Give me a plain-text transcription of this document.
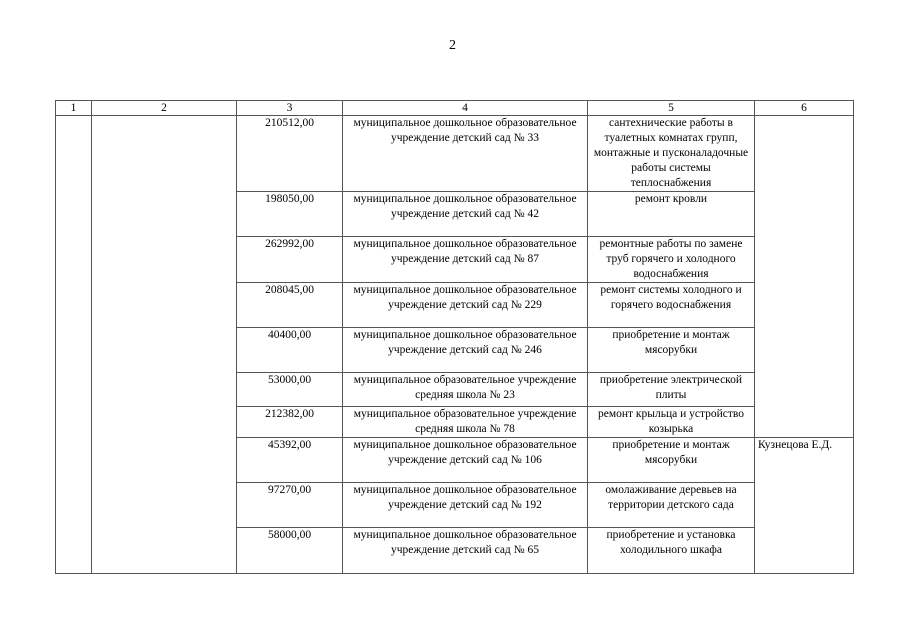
2
1	2	3	4	5	6
		210512,00	муниципальное дошкольное образовательное учреждение детский сад № 33	сантехнические работы в туалетных комнатах групп, монтажные и пусконаладочные работы системы теплоснабжения	
		198050,00	муниципальное дошкольное образовательное учреждение детский сад № 42	ремонт кровли	
		262992,00	муниципальное дошкольное образовательное учреждение детский сад № 87	ремонтные работы по замене труб горячего и холодного водоснабжения	
		208045,00	муниципальное дошкольное образовательное учреждение детский сад № 229	ремонт системы холодного и горячего водоснабжения	
		40400,00	муниципальное дошкольное образовательное учреждение детский сад № 246	приобретение и монтаж мясорубки	
		53000,00	муниципальное образовательное учреждение средняя школа № 23	приобретение электрической плиты	
		212382,00	муниципальное образовательное учреждение средняя школа № 78	ремонт крыльца и устройство козырька	
		45392,00	муниципальное дошкольное образовательное учреждение детский сад № 106	приобретение и монтаж мясорубки	Кузнецова Е.Д.
		97270,00	муниципальное дошкольное образовательное учреждение детский сад № 192	омолаживание деревьев на территории детского сада	
		58000,00	муниципальное дошкольное образовательное учреждение детский сад № 65	приобретение и установка холодильного шкафа	
